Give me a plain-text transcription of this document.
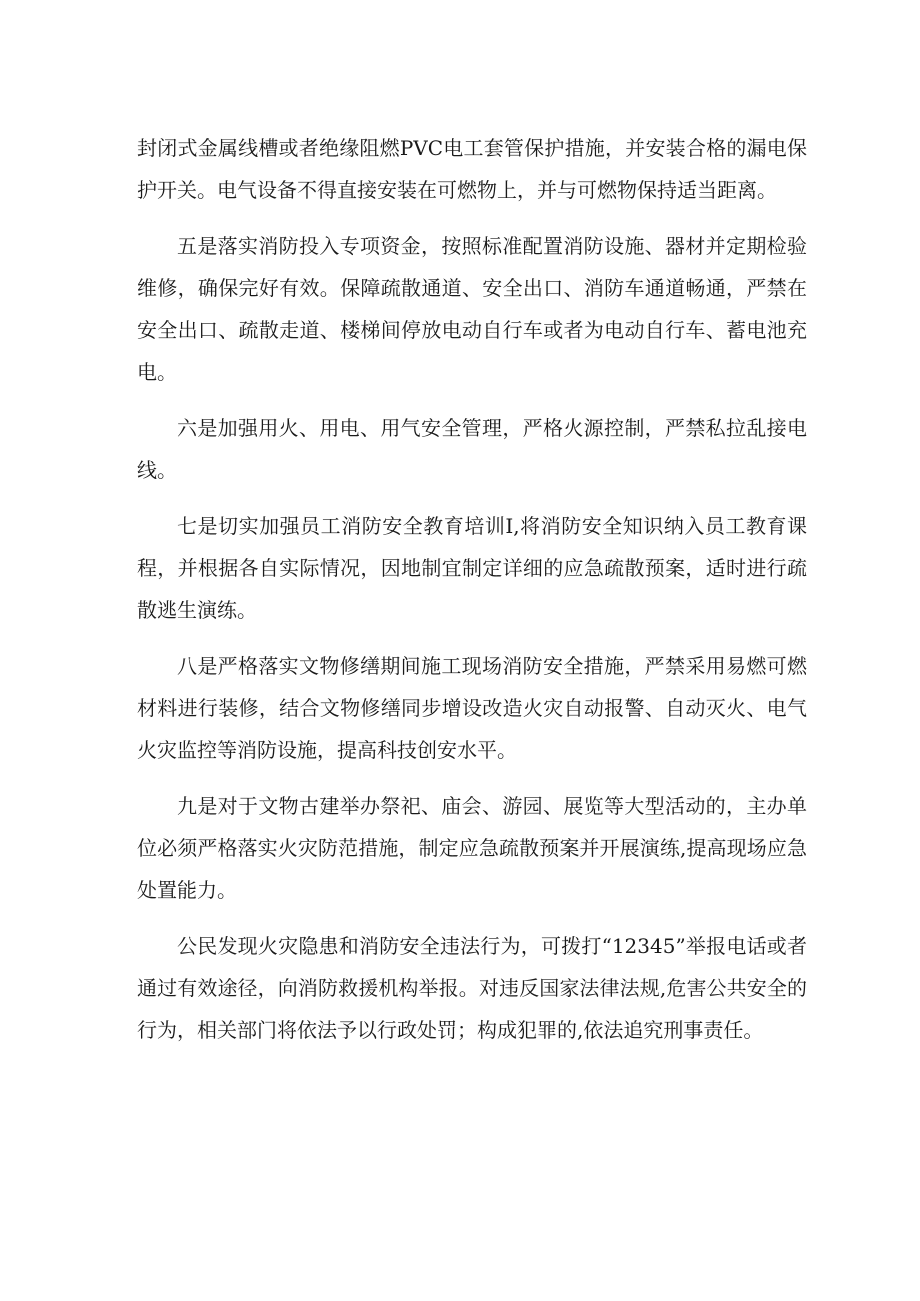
封闭式金属线槽或者绝缘阻燃PVC电工套管保护措施，并安装合格的漏电保护开关。电气设备不得直接安装在可燃物上，并与可燃物保持适当距离。

五是落实消防投入专项资金，按照标准配置消防设施、器材并定期检验维修，确保完好有效。保障疏散通道、安全出口、消防车通道畅通，严禁在安全出口、疏散走道、楼梯间停放电动自行车或者为电动自行车、蓄电池充电。

六是加强用火、用电、用气安全管理，严格火源控制，严禁私拉乱接电线。

七是切实加强员工消防安全教育培训I,将消防安全知识纳入员工教育课程，并根据各自实际情况，因地制宜制定详细的应急疏散预案，适时进行疏散逃生演练。

八是严格落实文物修缮期间施工现场消防安全措施，严禁采用易燃可燃材料进行装修，结合文物修缮同步增设改造火灾自动报警、自动灭火、电气火灾监控等消防设施，提高科技创安水平。

九是对于文物古建举办祭祀、庙会、游园、展览等大型活动的，主办单位必须严格落实火灾防范措施，制定应急疏散预案并开展演练,提高现场应急处置能力。

公民发现火灾隐患和消防安全违法行为，可拨打“12345”举报电话或者通过有效途径，向消防救援机构举报。对违反国家法律法规,危害公共安全的行为，相关部门将依法予以行政处罚；构成犯罪的,依法追究刑事责任。
